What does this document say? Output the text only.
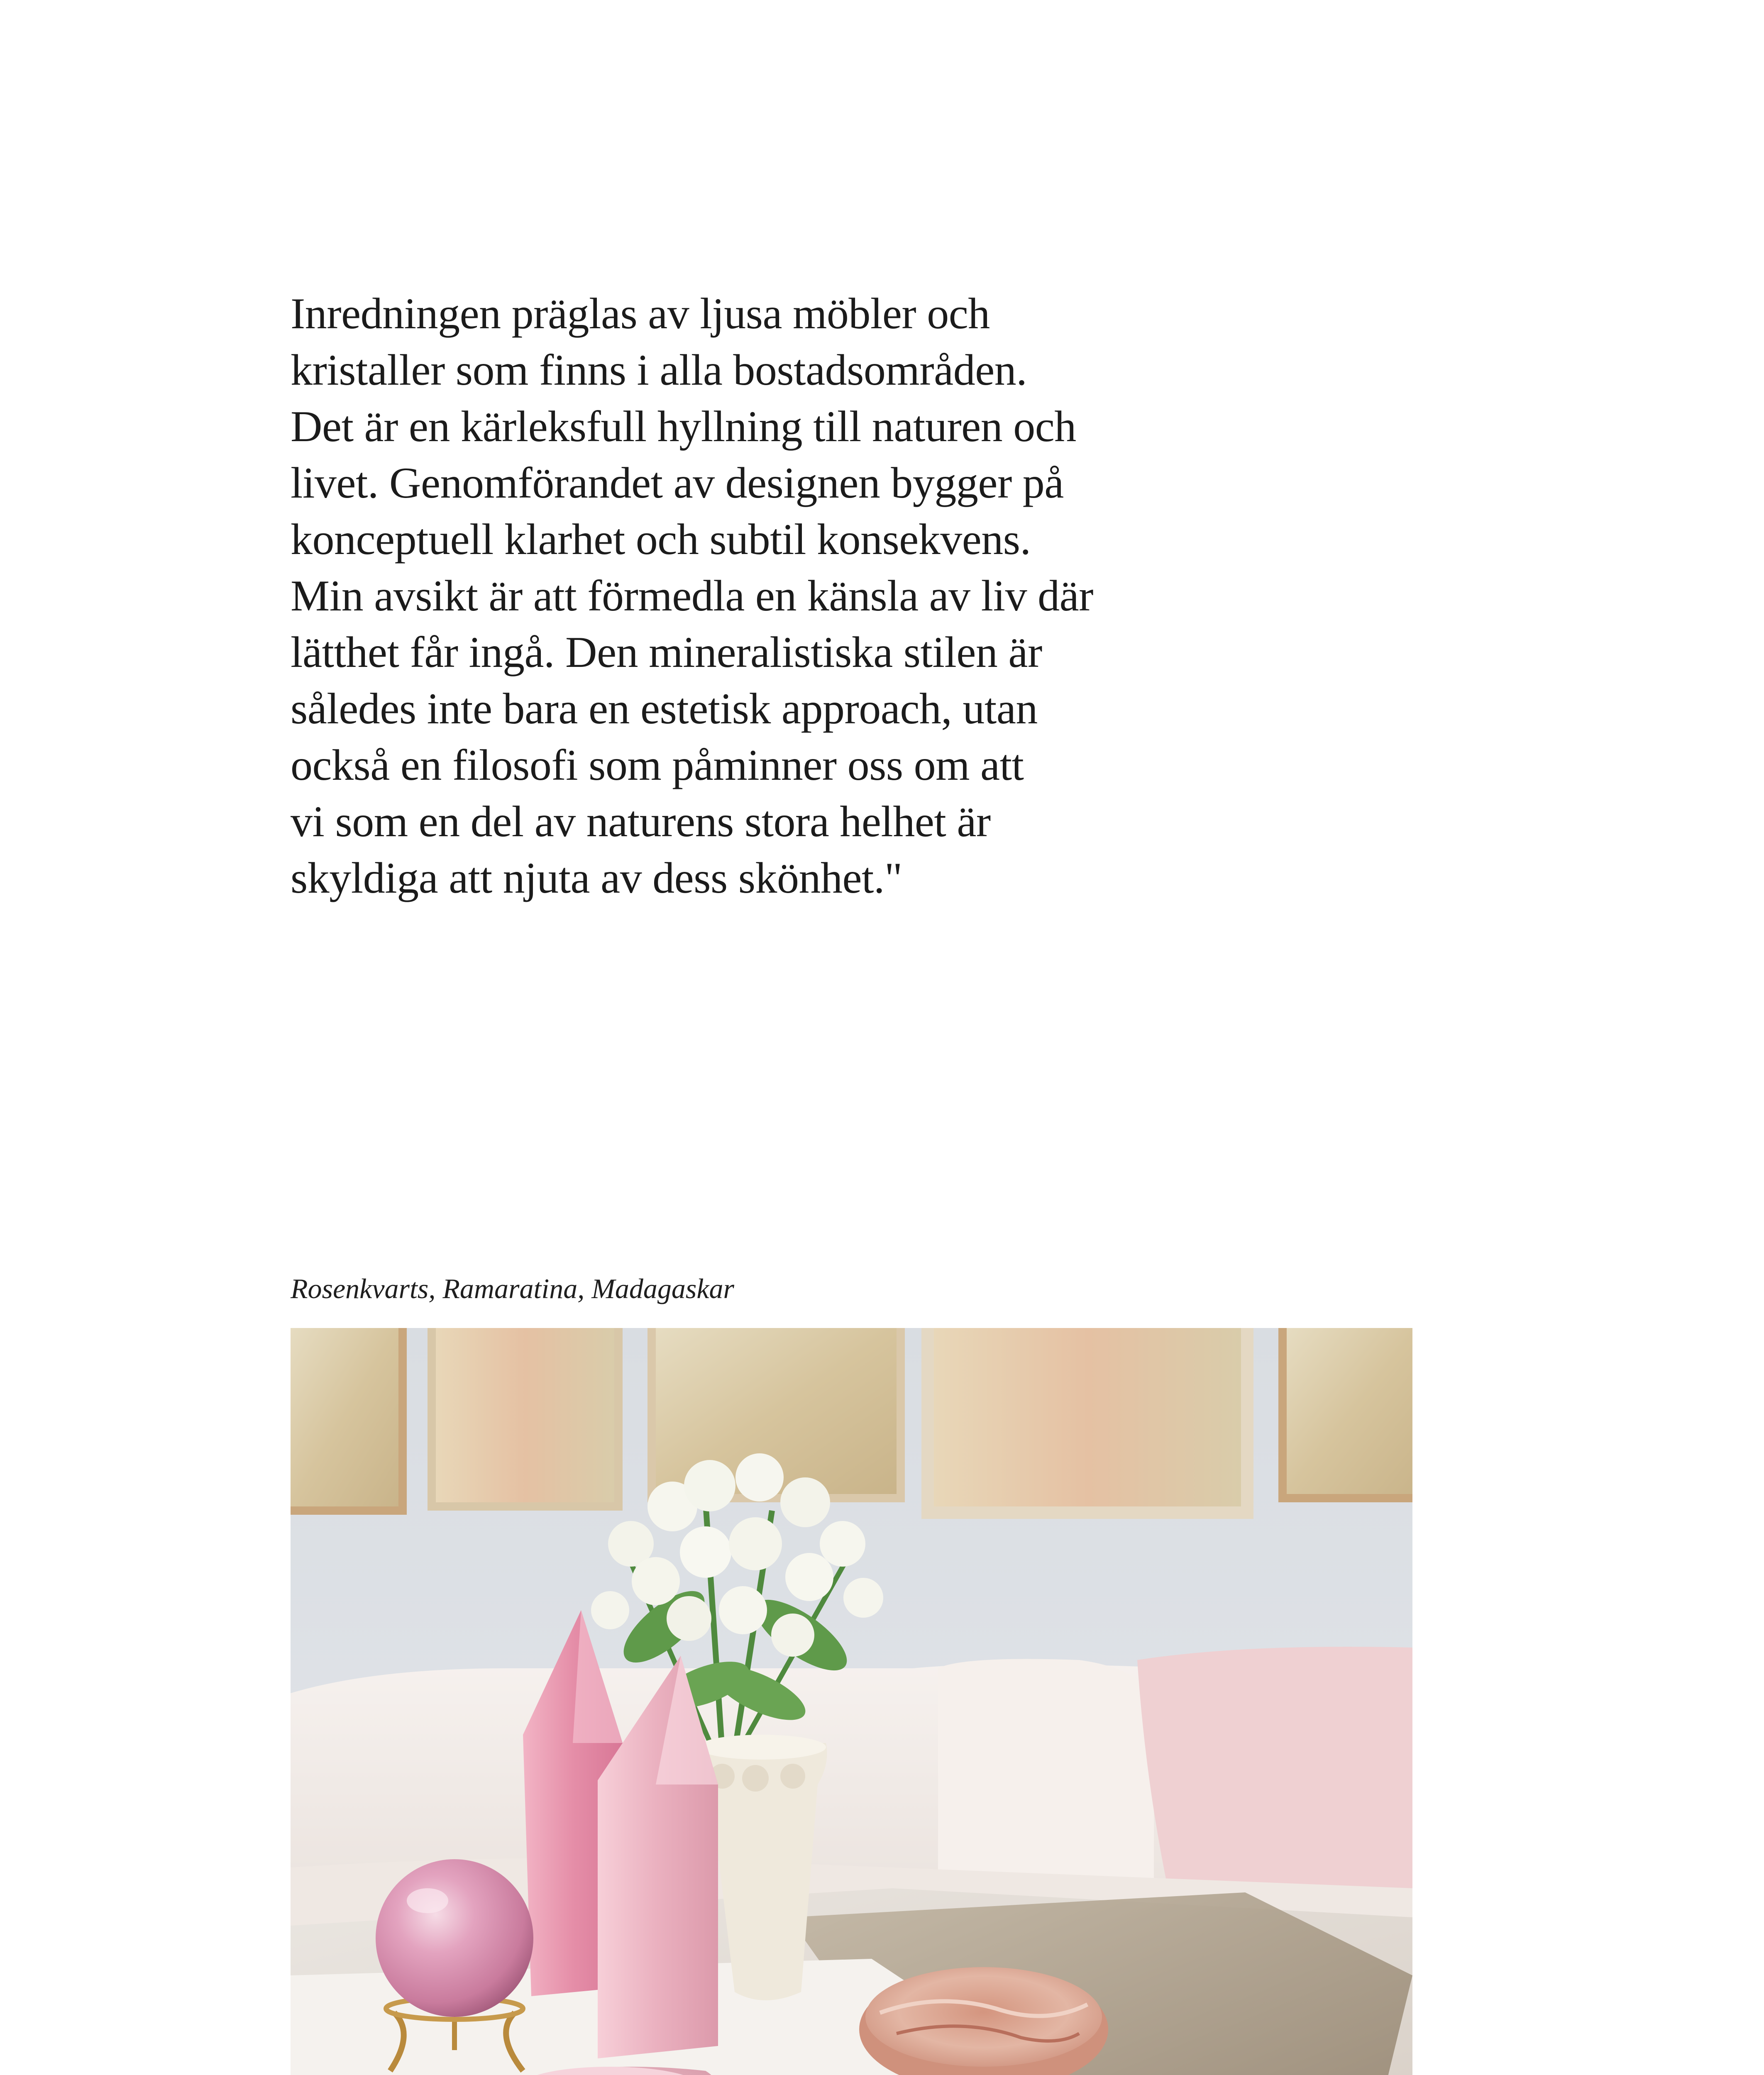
Inredningen präglas av ljusa möbler och
kristaller som finns i alla bostadsområden.
Det är en kärleksfull hyllning till naturen och
livet. Genomförandet av designen bygger på
konceptuell klarhet och subtil konsekvens.
Min avsikt är att förmedla en känsla av liv där
lätthet får ingå. Den mineralistiska stilen är
således inte bara en estetisk approach, utan
också en filosofi som påminner oss om att
vi som en del av naturens stora helhet är
skyldiga att njuta av dess skönhet."
Rosenkvarts, Ramaratina, Madagaskar
